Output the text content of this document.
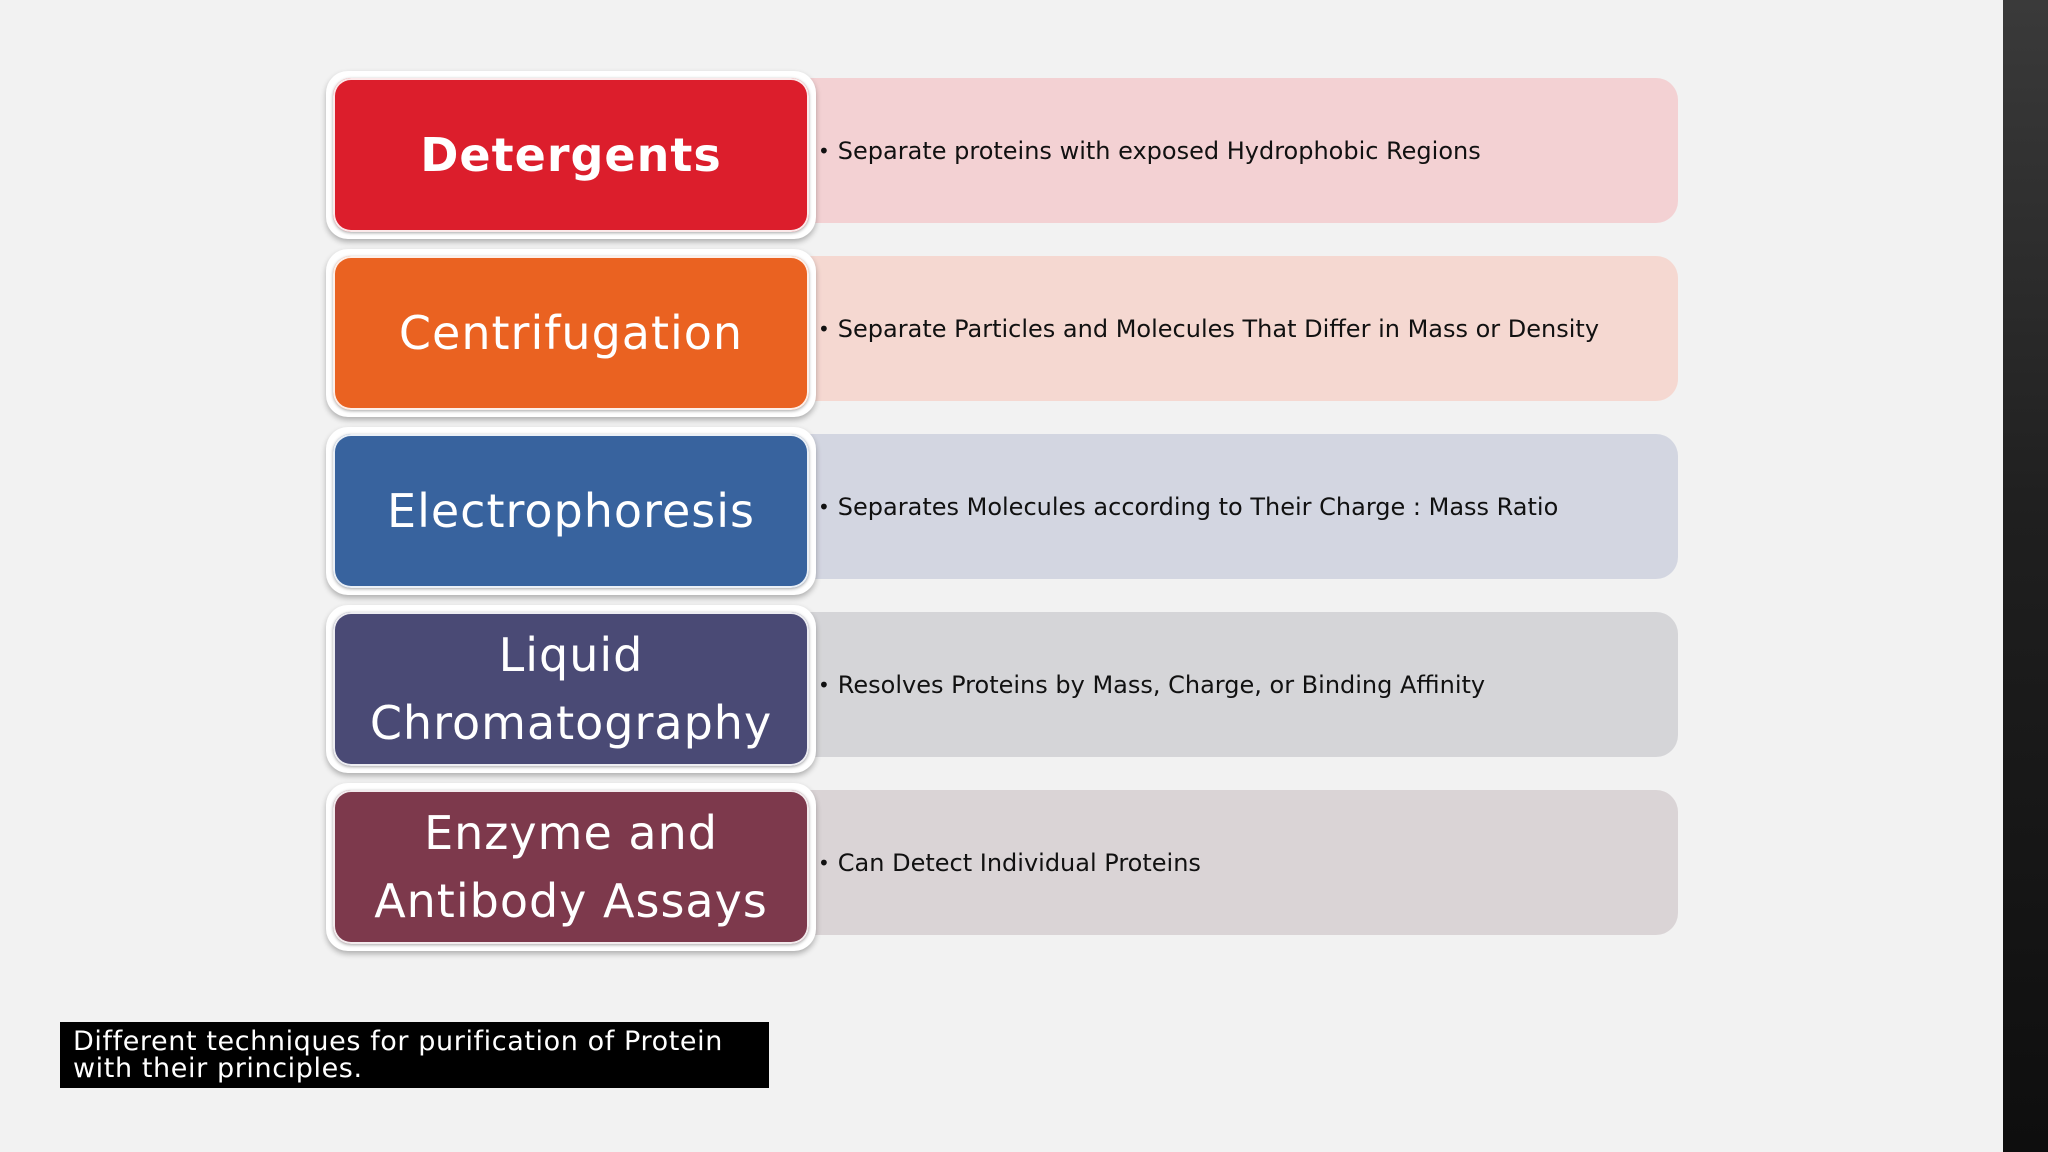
• Separate proteins with exposed Hydrophobic Regions
Detergents
• Separate Particles and Molecules That Differ in Mass or Density
Centrifugation
• Separates Molecules according to Their Charge : Mass Ratio
Electrophoresis
• Resolves Proteins by Mass, Charge, or Binding Affinity
Liquid Chromatography
• Can Detect Individual Proteins
Enzyme and Antibody Assays
Different techniques for purification of Protein with their principles.
